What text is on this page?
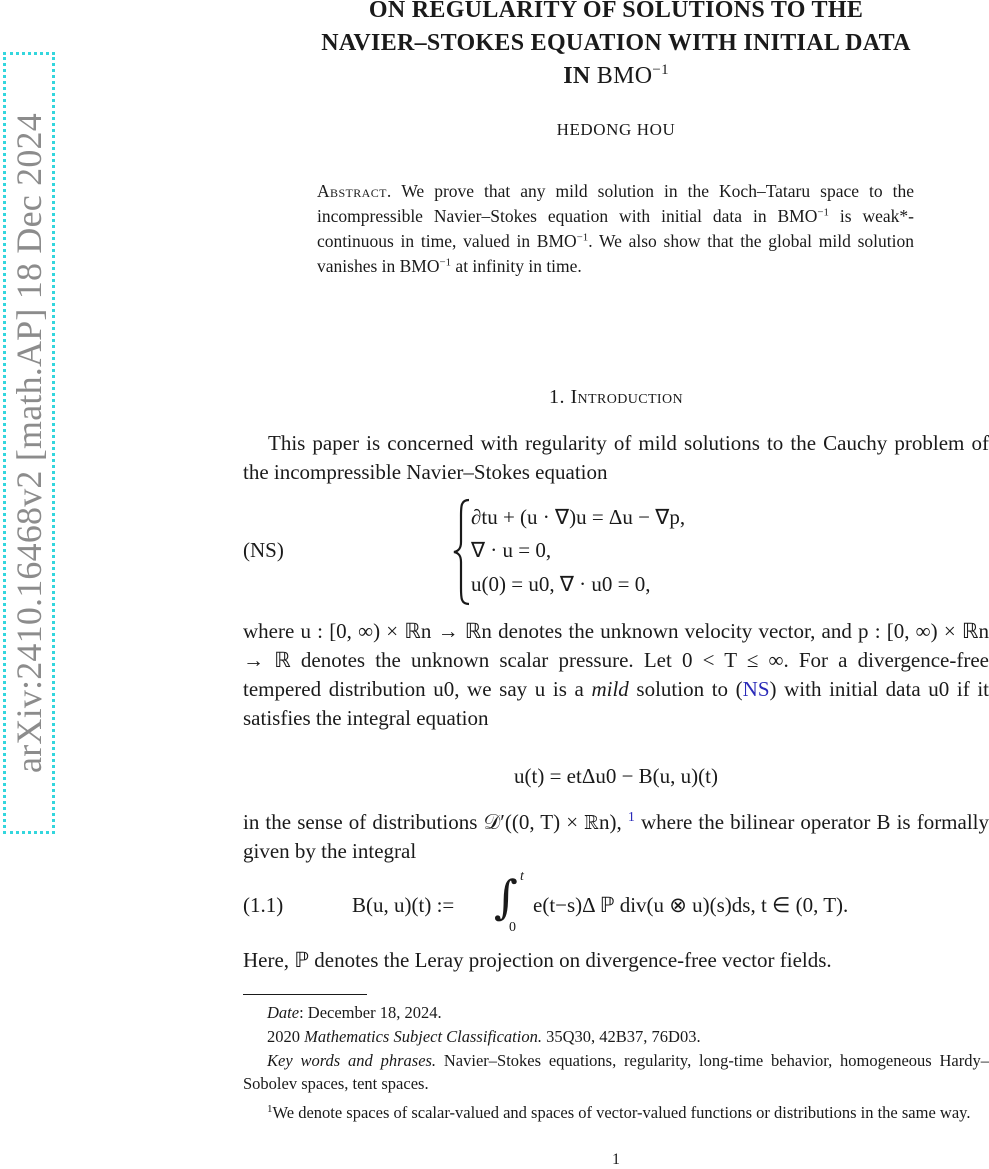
arXiv:2410.16468v2 [math.AP] 18 Dec 2024
ON REGULARITY OF SOLUTIONS TO THE
NAVIER–STOKES EQUATION WITH INITIAL DATA
IN $BMO^{-1}$
HEDONG HOU
Abstract. We prove that any mild solution in the Koch–Tataru space to the incompressible Navier–Stokes equation with initial data in $BMO^{-1}$ is weak*-continuous in time, valued in $BMO^{-1}$. We also show that the global mild solution vanishes in $BMO^{-1}$ at infinity in time.
1. Introduction
This paper is concerned with regularity of mild solutions to the Cauchy problem of the incompressible Navier–Stokes equation
(NS)
∂tu + (u · ∇)u = Δu − ∇p,
∇ · u = 0,
u(0) = u0, ∇ · u0 = 0,
where u : [0, ∞) × ℝn → ℝn denotes the unknown velocity vector, and p : [0, ∞) × ℝn → ℝ denotes the unknown scalar pressure. Let 0 < T ≤ ∞. For a divergence-free tempered distribution u0, we say u is a mild solution to (NS) with initial data u0 if it satisfies the integral equation
u(t) = etΔu0 − B(u, u)(t)
in the sense of distributions 𝒟′((0, T) × ℝn), $^1$ where the bilinear operator B is formally given by the integral
(1.1)	B(u, u)(t) := ∫ t
0
e(t−s)Δ ℙ div(u ⊗ u)(s)ds, t ∈ (0, T).
Here, ℙ denotes the Leray projection on divergence-free vector fields.
Date: December 18, 2024.
2020 Mathematics Subject Classification. 35Q30, 42B37, 76D03.
Key words and phrases. Navier–Stokes equations, regularity, long-time behavior, homogeneous Hardy–Sobolev spaces, tent spaces.
$^1$We denote spaces of scalar-valued and spaces of vector-valued functions or distributions in the same way.
1
